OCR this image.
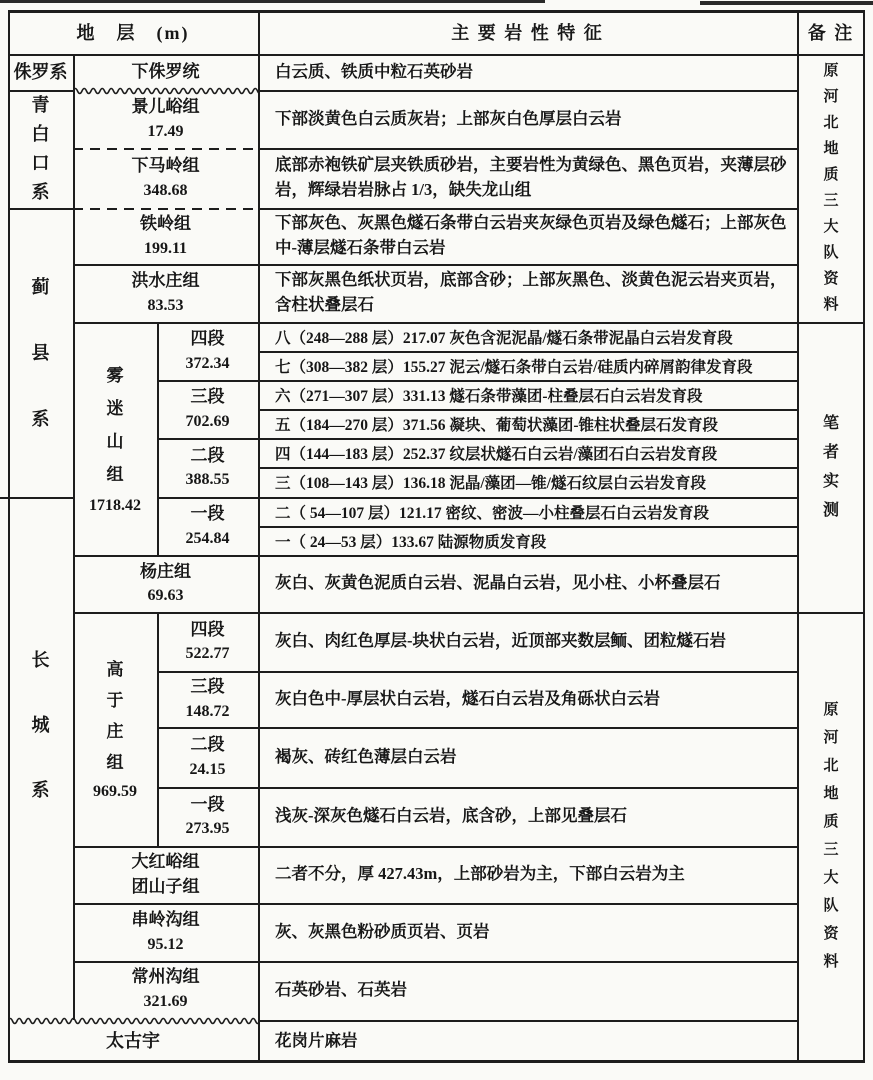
地　层　(m)	主 要 岩 性 特 征	备 注
侏罗系
青白口系
蓟县系
长城系
太古宇
下侏罗统
景儿峪组
17.49
下马岭组
348.68
铁岭组
199.11
洪水庄组
83.53
雾迷山组
1718.42
四段
372.34
三段
702.69
二段
388.55
一段
254.84
杨庄组
69.63
高于庄组
969.59
四段
522.77
三段
148.72
二段
24.15
一段
273.95
大红峪组
团山子组
串岭沟组
95.12
常州沟组
321.69
白云质、铁质中粒石英砂岩
下部淡黄色白云质灰岩；上部灰白色厚层白云岩
底部赤袍铁矿层夹铁质砂岩，主要岩性为黄绿色、黑色页岩，夹薄层砂岩，辉绿岩岩脉占 1/3，缺失龙山组
下部灰色、灰黑色燧石条带白云岩夹灰绿色页岩及绿色燧石；上部灰色中-薄层燧石条带白云岩
下部灰黑色纸状页岩，底部含砂；上部灰黑色、淡黄色泥云岩夹页岩，含柱状叠层石
八（248—288 层）217.07 灰色含泥泥晶/燧石条带泥晶白云岩发育段
七（308—382 层）155.27 泥云/燧石条带白云岩/硅质内碎屑韵律发育段
六（271—307 层）331.13 燧石条带藻团-柱叠层石白云岩发育段
五（184—270 层）371.56 凝块、葡萄状藻团-锥柱状叠层石发育段
四（144—183 层）252.37 纹层状燧石白云岩/藻团石白云岩发育段
三（108—143 层）136.18 泥晶/藻团—锥/燧石纹层白云岩发育段
二（ 54—107 层）121.17 密纹、密波—小柱叠层石白云岩发育段
一（ 24—53 层）133.67 陆源物质发育段
灰白、灰黄色泥质白云岩、泥晶白云岩，见小柱、小杯叠层石
灰白、肉红色厚层-块状白云岩，近顶部夹数层鲕、团粒燧石岩
灰白色中-厚层状白云岩，燧石白云岩及角砾状白云岩
褐灰、砖红色薄层白云岩
浅灰-深灰色燧石白云岩，底含砂，上部见叠层石
二者不分，厚 427.43m，上部砂岩为主，下部白云岩为主
灰、灰黑色粉砂质页岩、页岩
石英砂岩、石英岩
花岗片麻岩
原河北地质三大队资料
笔者实测
原河北地质三大队资料
